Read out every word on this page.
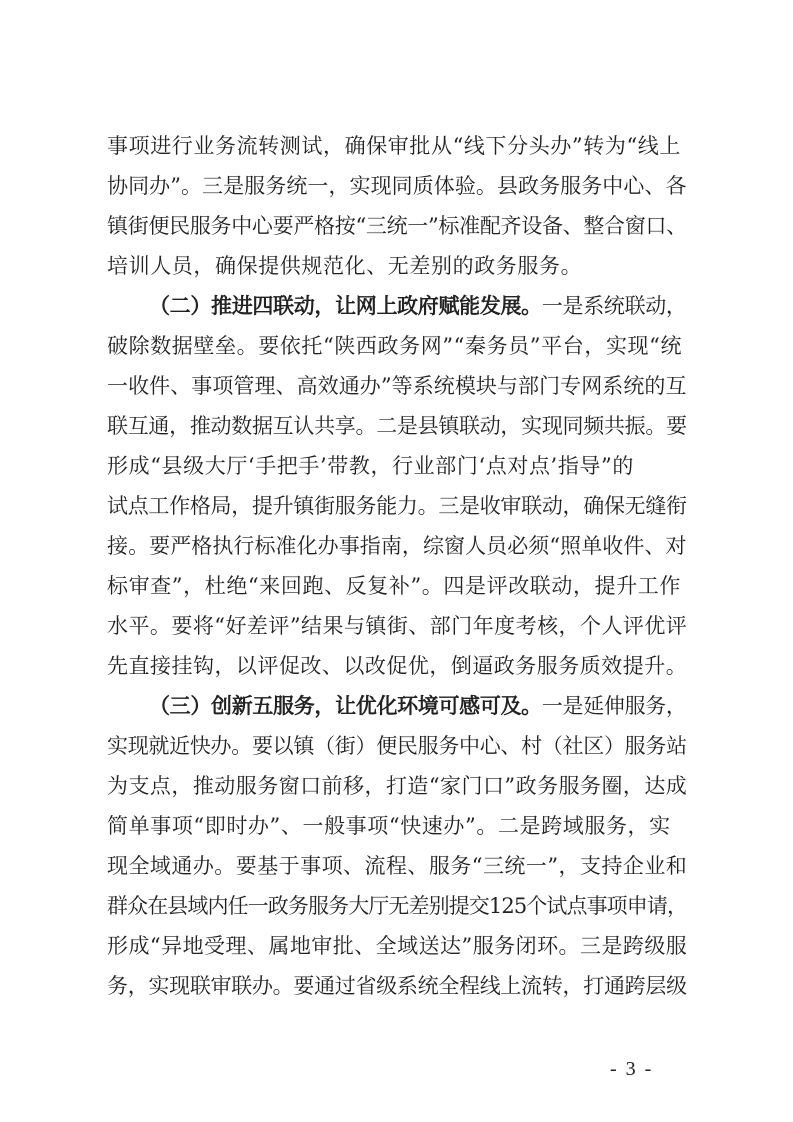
事项进行业务流转测试，确保审批从“线下分头办”转为“线上
协同办”。三是服务统一，实现同质体验。县政务服务中心、各
镇街便民服务中心要严格按“三统一”标准配齐设备、整合窗口、
培训人员，确保提供规范化、无差别的政务服务。
（二）推进四联动，让网上政府赋能发展。一是系统联动，
破除数据壁垒。要依托“陕西政务网”“秦务员”平台，实现“统
一收件、事项管理、高效通办”等系统模块与部门专网系统的互
联互通，推动数据互认共享。二是县镇联动，实现同频共振。要
形成“县级大厅‘手把手’带教，行业部门‘点对点’指导”的
试点工作格局，提升镇街服务能力。三是收审联动，确保无缝衔
接。要严格执行标准化办事指南，综窗人员必须“照单收件、对
标审查”，杜绝“来回跑、反复补”。四是评改联动，提升工作
水平。要将“好差评”结果与镇街、部门年度考核，个人评优评
先直接挂钩，以评促改、以改促优，倒逼政务服务质效提升。
（三）创新五服务，让优化环境可感可及。一是延伸服务，
实现就近快办。要以镇（街）便民服务中心、村（社区）服务站
为支点，推动服务窗口前移，打造“家门口”政务服务圈，达成
简单事项“即时办”、一般事项“快速办”。二是跨域服务，实
现全域通办。要基于事项、流程、服务“三统一”，支持企业和
群众在县域内任一政务服务大厅无差别提交125个试点事项申请，
形成“异地受理、属地审批、全域送达”服务闭环。三是跨级服
务，实现联审联办。要通过省级系统全程线上流转，打通跨层级
- 3 -
